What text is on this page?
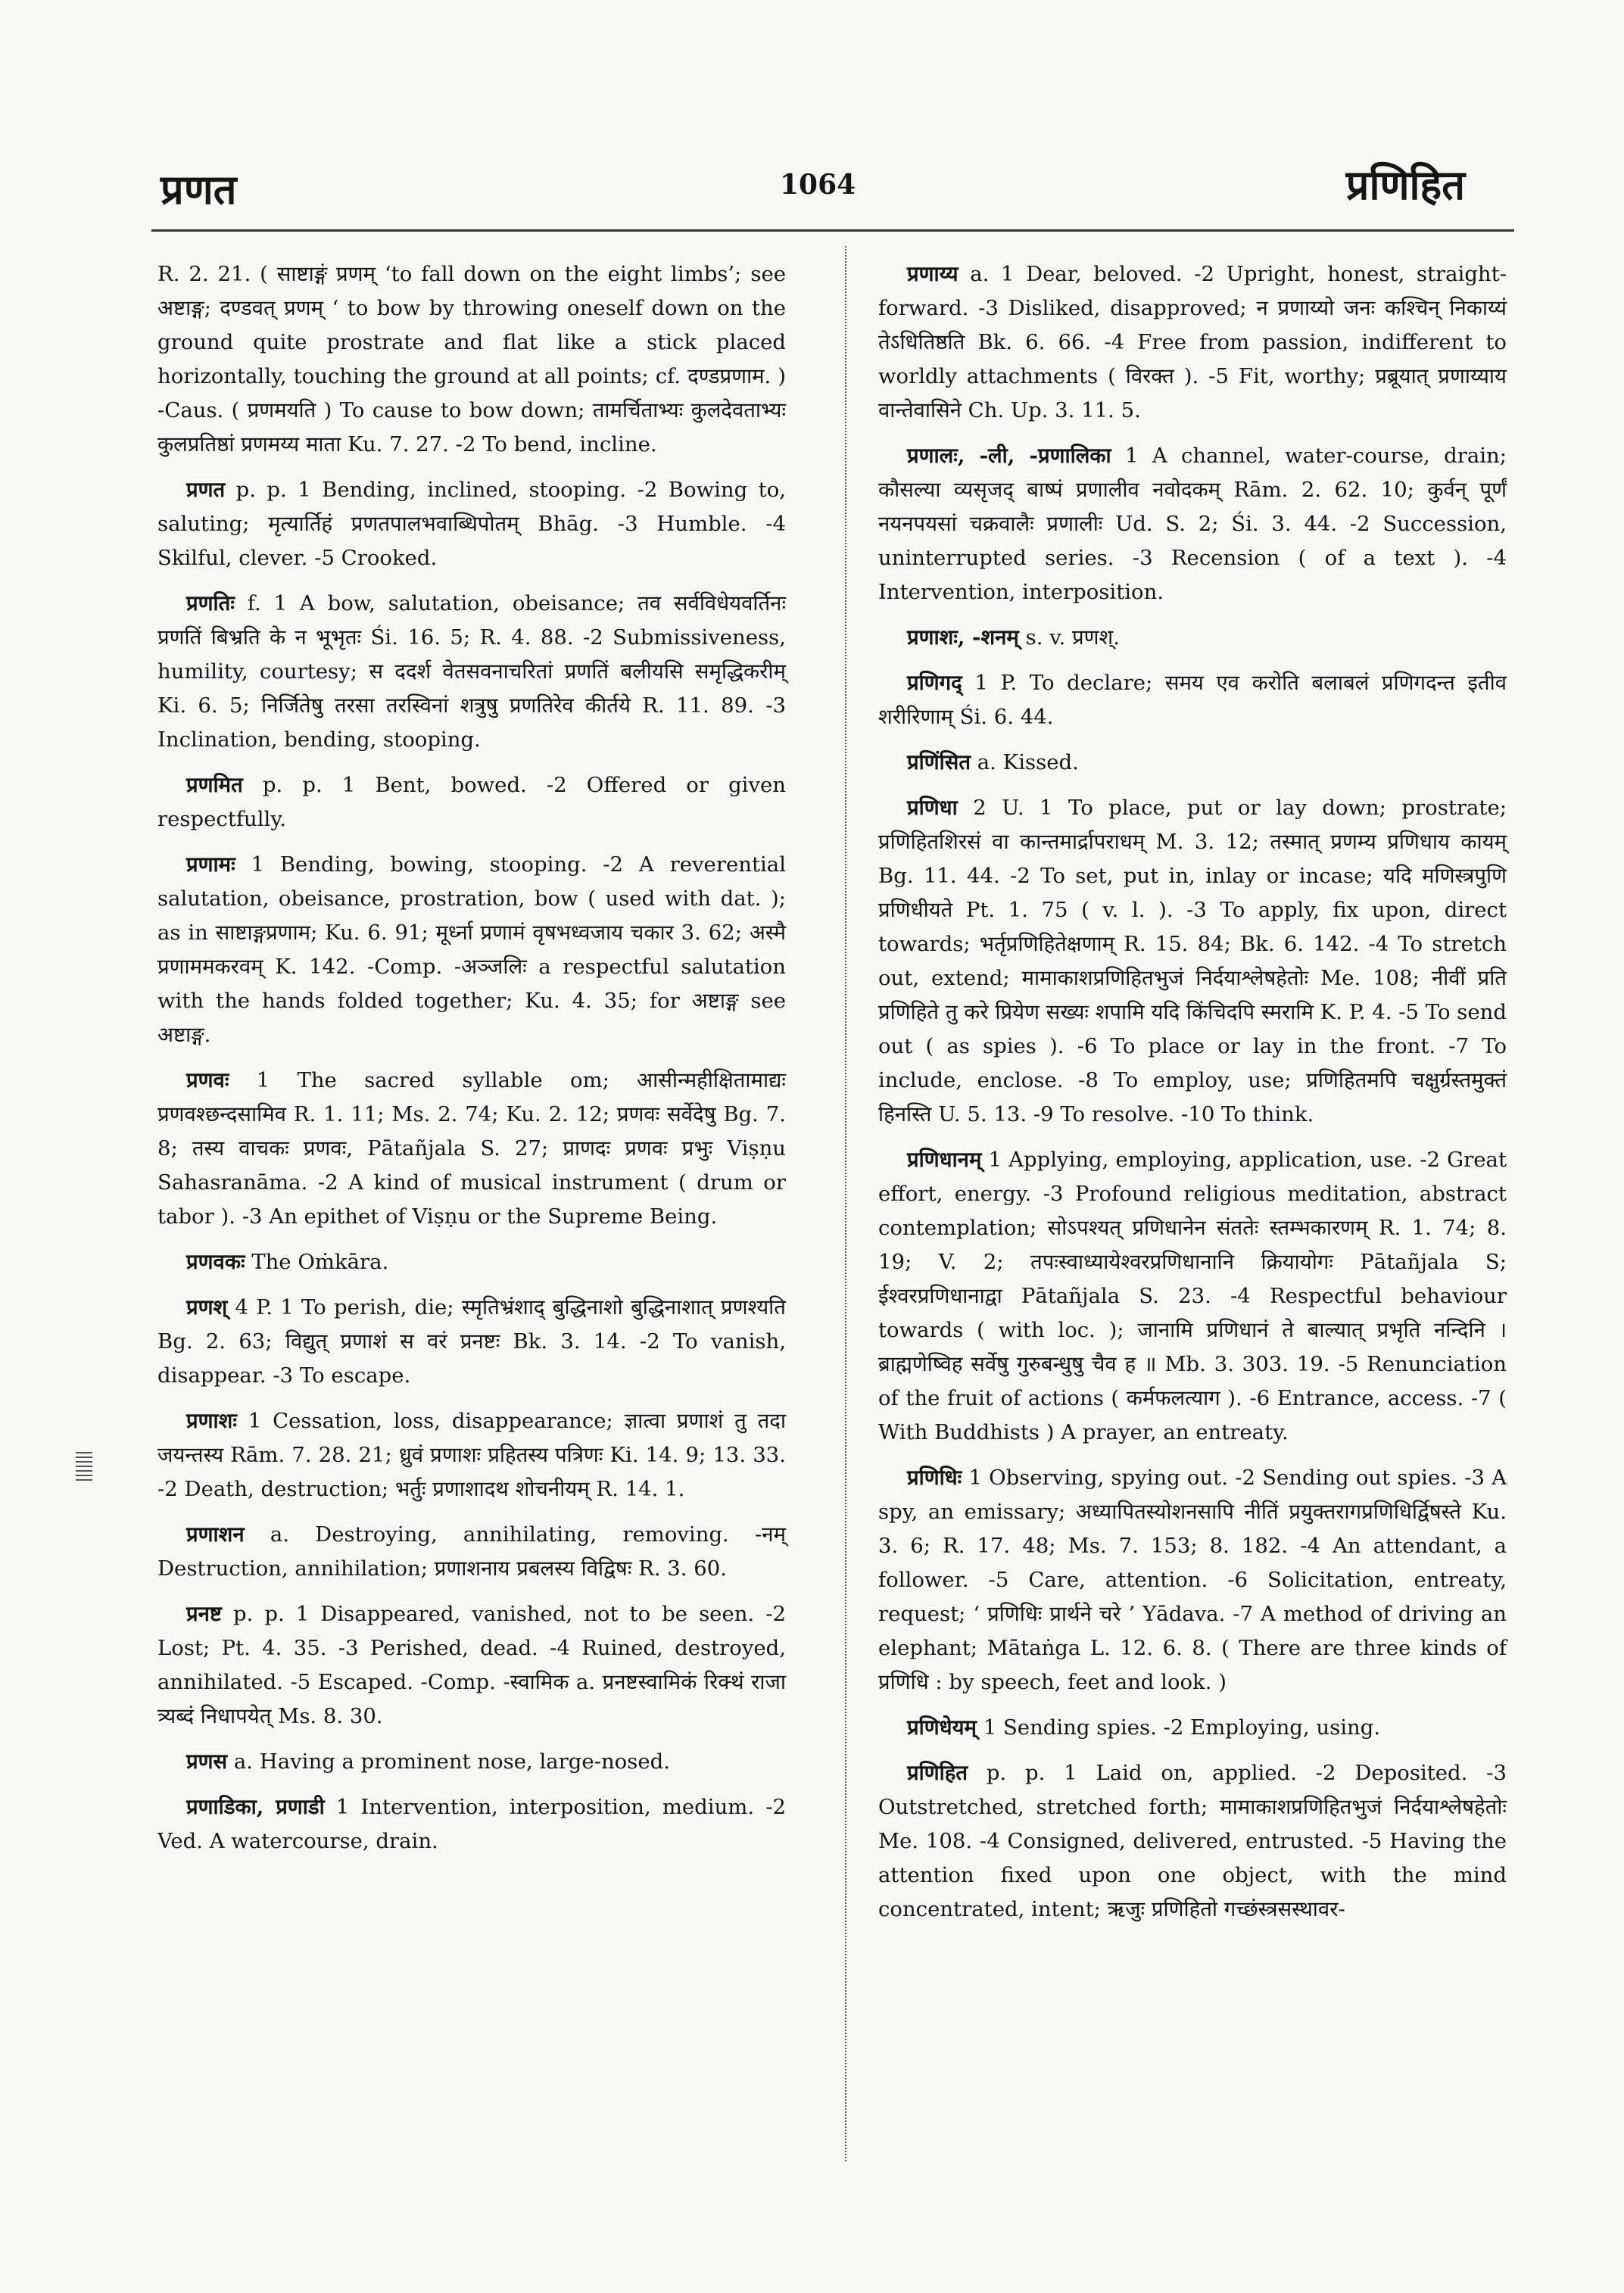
प्रणत	1064	प्रणिहित

R. 2. 21. ( साष्टाङ्गं प्रणम् ‘to fall down on the eight limbs’; see अष्टाङ्ग; दण्डवत् प्रणम् ‘ to bow by throwing oneself down on the ground quite prostrate and flat like a stick placed horizontally, touching the ground at all points; cf. दण्डप्रणाम. ) -Caus. ( प्रणमयति ) To cause to bow down; तामर्चिताभ्यः कुलदेवताभ्यः कुलप्रतिष्ठां प्रणमय्य माता Ku. 7. 27. -2 To bend, incline.

प्रणत p. p. 1 Bending, inclined, stooping. -2 Bowing to, saluting; मृत्यार्तिहं प्रणतपालभवाब्धिपोतम् Bhāg. -3 Humble. -4 Skilful, clever. -5 Crooked.

प्रणतिः f. 1 A bow, salutation, obeisance; तव सर्वविधेयवर्तिनः प्रणतिं बिभ्रति के न भूभृतः Śi. 16. 5; R. 4. 88. -2 Submissiveness, humility, courtesy; स ददर्श वेतसवनाचरितां प्रणतिं बलीयसि समृद्धिकरीम् Ki. 6. 5; निर्जितेषु तरसा तरस्विनां शत्रुषु प्रणतिरेव कीर्तये R. 11. 89. -3 Inclination, bending, stooping.

प्रणमित p. p. 1 Bent, bowed. -2 Offered or given respectfully.

प्रणामः 1 Bending, bowing, stooping. -2 A reverential salutation, obeisance, prostration, bow ( used with dat. ); as in साष्टाङ्गप्रणाम; Ku. 6. 91; मूर्ध्ना प्रणामं वृषभध्वजाय चकार 3. 62; अस्मै प्रणाममकरवम् K. 142. -Comp. -अञ्जलिः a respectful salutation with the hands folded together; Ku. 4. 35; for अष्टाङ्ग see अष्टाङ्ग.

प्रणवः 1 The sacred syllable om; आसीन्महीक्षितामाद्यः प्रणवश्छन्दसामिव R. 1. 11; Ms. 2. 74; Ku. 2. 12; प्रणवः सर्वेदेषु Bg. 7. 8; तस्य वाचकः प्रणवः, Pātañjala S. 27; प्राणदः प्रणवः प्रभुः Viṣṇu Sahasranāma. -2 A kind of musical instrument ( drum or tabor ). -3 An epithet of Viṣṇu or the Supreme Being.

प्रणवकः The Oṁkāra.

प्रणश् 4 P. 1 To perish, die; स्मृतिभ्रंशाद् बुद्धिनाशो बुद्धिनाशात् प्रणश्यति Bg. 2. 63; विद्युत् प्रणाशं स वरं प्रनष्टः Bk. 3. 14. -2 To vanish, disappear. -3 To escape.

प्रणाशः 1 Cessation, loss, disappearance; ज्ञात्वा प्रणाशं तु तदा जयन्तस्य Rām. 7. 28. 21; ध्रुवं प्रणाशः प्रहितस्य पत्रिणः Ki. 14. 9; 13. 33. -2 Death, destruction; भर्तुः प्रणाशादथ शोचनीयम् R. 14. 1.

प्रणाशन a. Destroying, annihilating, removing. -नम् Destruction, annihilation; प्रणाशनाय प्रबलस्य विद्विषः R. 3. 60.

प्रनष्ट p. p. 1 Disappeared, vanished, not to be seen. -2 Lost; Pt. 4. 35. -3 Perished, dead. -4 Ruined, destroyed, annihilated. -5 Escaped. -Comp. -स्वामिक a. प्रनष्टस्वामिकं रिक्थं राजा त्र्यब्दं निधापयेत् Ms. 8. 30.

प्रणस a. Having a prominent nose, large-nosed.

प्रणाडिका, प्रणाडी 1 Intervention, interposition, medium. -2 Ved. A watercourse, drain.

प्रणाय्य a. 1 Dear, beloved. -2 Upright, honest, straight-forward. -3 Disliked, disapproved; न प्रणाय्यो जनः कश्चिन् निकाय्यं तेऽधितिष्ठति Bk. 6. 66. -4 Free from passion, indifferent to worldly attachments ( विरक्त ). -5 Fit, worthy; प्रब्रूयात् प्रणाय्याय वान्तेवासिने Ch. Up. 3. 11. 5.

प्रणालः, -ली, -प्रणालिका 1 A channel, water-course, drain; कौसल्या व्यसृजद् बाष्पं प्रणालीव नवोदकम् Rām. 2. 62. 10; कुर्वन् पूर्णं नयनपयसां चक्रवालैः प्रणालीः Ud. S. 2; Śi. 3. 44. -2 Succession, uninterrupted series. -3 Recension ( of a text ). -4 Intervention, interposition.

प्रणाशः, -शनम् s. v. प्रणश्.

प्रणिगद् 1 P. To declare; समय एव करोति बलाबलं प्रणिगदन्त इतीव शरीरिणाम् Śi. 6. 44.

प्रणिंसित a. Kissed.

प्रणिधा 2 U. 1 To place, put or lay down; prostrate; प्रणिहितशिरसं वा कान्तमार्द्रापराधम् M. 3. 12; तस्मात् प्रणम्य प्रणिधाय कायम् Bg. 11. 44. -2 To set, put in, inlay or incase; यदि मणिस्त्रपुणि प्रणिधीयते Pt. 1. 75 ( v. l. ). -3 To apply, fix upon, direct towards; भर्तृप्रणिहितेक्षणाम् R. 15. 84; Bk. 6. 142. -4 To stretch out, extend; मामाकाशप्रणिहितभुजं निर्दयाश्लेषहेतोः Me. 108; नीवीं प्रति प्रणिहिते तु करे प्रियेण सख्यः शपामि यदि किंचिदपि स्मरामि K. P. 4. -5 To send out ( as spies ). -6 To place or lay in the front. -7 To include, enclose. -8 To employ, use; प्रणिहितमपि चक्षुर्ग्रस्तमुक्तं हिनस्ति U. 5. 13. -9 To resolve. -10 To think.

प्रणिधानम् 1 Applying, employing, application, use. -2 Great effort, energy. -3 Profound religious meditation, abstract contemplation; सोऽपश्यत् प्रणिधानेन संततेः स्तम्भकारणम् R. 1. 74; 8. 19; V. 2; तपःस्वाध्यायेश्वरप्रणिधानानि क्रियायोगः Pātañjala S; ईश्वरप्रणिधानाद्वा Pātañjala S. 23. -4 Respectful behaviour towards ( with loc. ); जानामि प्रणिधानं ते बाल्यात् प्रभृति नन्दिनि । ब्राह्मणेष्विह सर्वेषु गुरुबन्धुषु चैव ह ॥ Mb. 3. 303. 19. -5 Renunciation of the fruit of actions ( कर्मफलत्याग ). -6 Entrance, access. -7 ( With Buddhists ) A prayer, an entreaty.

प्रणिधिः 1 Observing, spying out. -2 Sending out spies. -3 A spy, an emissary; अध्यापितस्योशनसापि नीतिं प्रयुक्तरागप्रणिधिर्द्विषस्ते Ku. 3. 6; R. 17. 48; Ms. 7. 153; 8. 182. -4 An attendant, a follower. -5 Care, attention. -6 Solicitation, entreaty, request; ‘ प्रणिधिः प्रार्थने चरे ’ Yādava. -7 A method of driving an elephant; Mātaṅga L. 12. 6. 8. ( There are three kinds of प्रणिधि : by speech, feet and look. )

प्रणिधेयम् 1 Sending spies. -2 Employing, using.

प्रणिहित p. p. 1 Laid on, applied. -2 Deposited. -3 Outstretched, stretched forth; मामाकाशप्रणिहितभुजं निर्दयाश्लेषहेतोः Me. 108. -4 Consigned, delivered, entrusted. -5 Having the attention fixed upon one object, with the mind concentrated, intent; ऋजुः प्रणिहितो गच्छंस्त्रसस्थावर-
